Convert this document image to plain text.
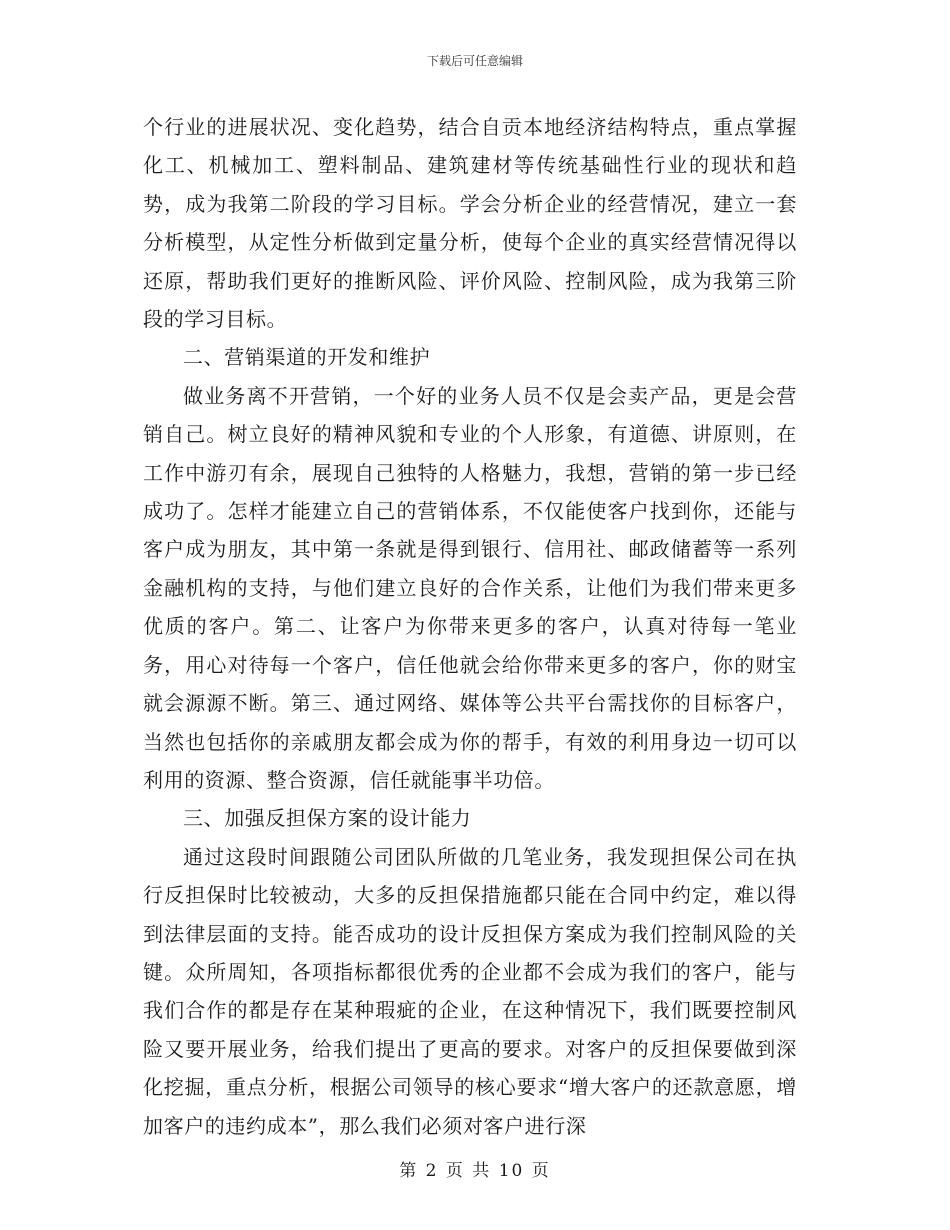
下载后可任意编辑

个行业的进展状况、变化趋势，结合自贡本地经济结构特点，重点掌握化工、机械加工、塑料制品、建筑建材等传统基础性行业的现状和趋势，成为我第二阶段的学习目标。学会分析企业的经营情况，建立一套分析模型，从定性分析做到定量分析，使每个企业的真实经营情况得以还原，帮助我们更好的推断风险、评价风险、控制风险，成为我第三阶段的学习目标。

二、营销渠道的开发和维护

做业务离不开营销，一个好的业务人员不仅是会卖产品，更是会营销自己。树立良好的精神风貌和专业的个人形象，有道德、讲原则，在工作中游刃有余，展现自己独特的人格魅力，我想，营销的第一步已经成功了。怎样才能建立自己的营销体系，不仅能使客户找到你，还能与客户成为朋友，其中第一条就是得到银行、信用社、邮政储蓄等一系列金融机构的支持，与他们建立良好的合作关系，让他们为我们带来更多优质的客户。第二、让客户为你带来更多的客户，认真对待每一笔业务，用心对待每一个客户，信任他就会给你带来更多的客户，你的财宝就会源源不断。第三、通过网络、媒体等公共平台需找你的目标客户，当然也包括你的亲戚朋友都会成为你的帮手，有效的利用身边一切可以利用的资源、整合资源，信任就能事半功倍。

三、加强反担保方案的设计能力

通过这段时间跟随公司团队所做的几笔业务，我发现担保公司在执行反担保时比较被动，大多的反担保措施都只能在合同中约定，难以得到法律层面的支持。能否成功的设计反担保方案成为我们控制风险的关键。众所周知，各项指标都很优秀的企业都不会成为我们的客户，能与我们合作的都是存在某种瑕疵的企业，在这种情况下，我们既要控制风险又要开展业务，给我们提出了更高的要求。对客户的反担保要做到深化挖掘，重点分析，根据公司领导的核心要求“增大客户的还款意愿，增加客户的违约成本”，那么我们必须对客户进行深

第 2 页 共 10 页
